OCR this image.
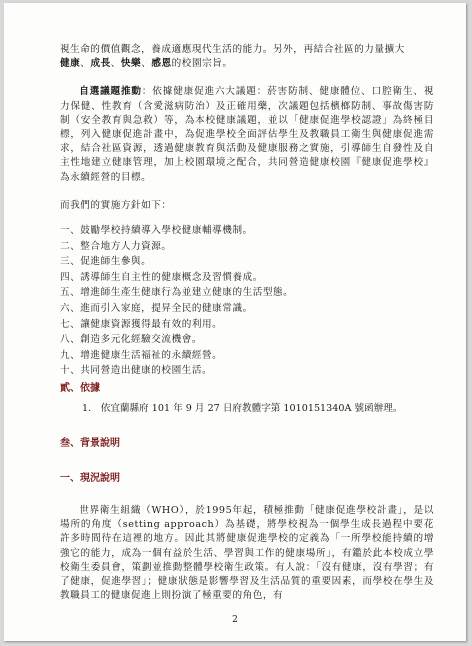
視生命的價值觀念，養成適應現代生活的能力。另外，再結合社區的力量擴大
健康、成長、快樂、感恩的校園宗旨。

自選議題推動：依據健康促進六大議題：菸害防制、健康體位、口腔衛生、視力保健、性教育（含愛滋病防治）及正確用藥，次議題包括檳榔防制、事故傷害防制（安全教育與急救）等，為本校健康議題，並以「健康促進學校認證」為終極目標，列入健康促進計畫中，為促進學校全面評估學生及教職員工衛生與健康促進需求，結合社區資源，透過健康教育與活動及健康服務之實施，引導師生自發性及自主性地建立健康管理，加上校園環境之配合，共同營造健康校園『健康促進學校』為永續經營的目標。

而我們的實施方針如下：

一、鼓勵學校持續導入學校健康輔導機制。
二、整合地方人力資源。
三、促進師生參與。
四、誘導師生自主性的健康概念及習慣養成。
五、增進師生產生健康行為並建立健康的生活型態。
六、進而引入家庭，提昇全民的健康常識。
七、讓健康資源獲得最有效的利用。
八、創造多元化經驗交流機會。
九、增進健康生活福祉的永續經營。
十、共同營造出健康的校園生活。
貳、依據
1.　依宜蘭縣府 101 年 9 月 27 日府教體字第 1010151340A 號函辦理。
叁、背景說明
一、現況說明

世界衛生組織（WHO），於1995年起，積極推動「健康促進學校計畫」，是以場所的角度（setting approach）為基礎，將學校視為一個學生成長過程中要花許多時間待在這裡的地方。因此其將健康促進學校的定義為「一所學校能持續的增強它的能力，成為一個有益於生活、學習與工作的健康場所」，有鑑於此本校成立學校衛生委員會，策劃並推動整體學校衛生政策。有人說：「沒有健康，沒有學習；有了健康，促進學習」；健康狀態是影響學習及生活品質的重要因素，而學校在學生及教職員工的健康促進上則扮演了極重要的角色，有

2
